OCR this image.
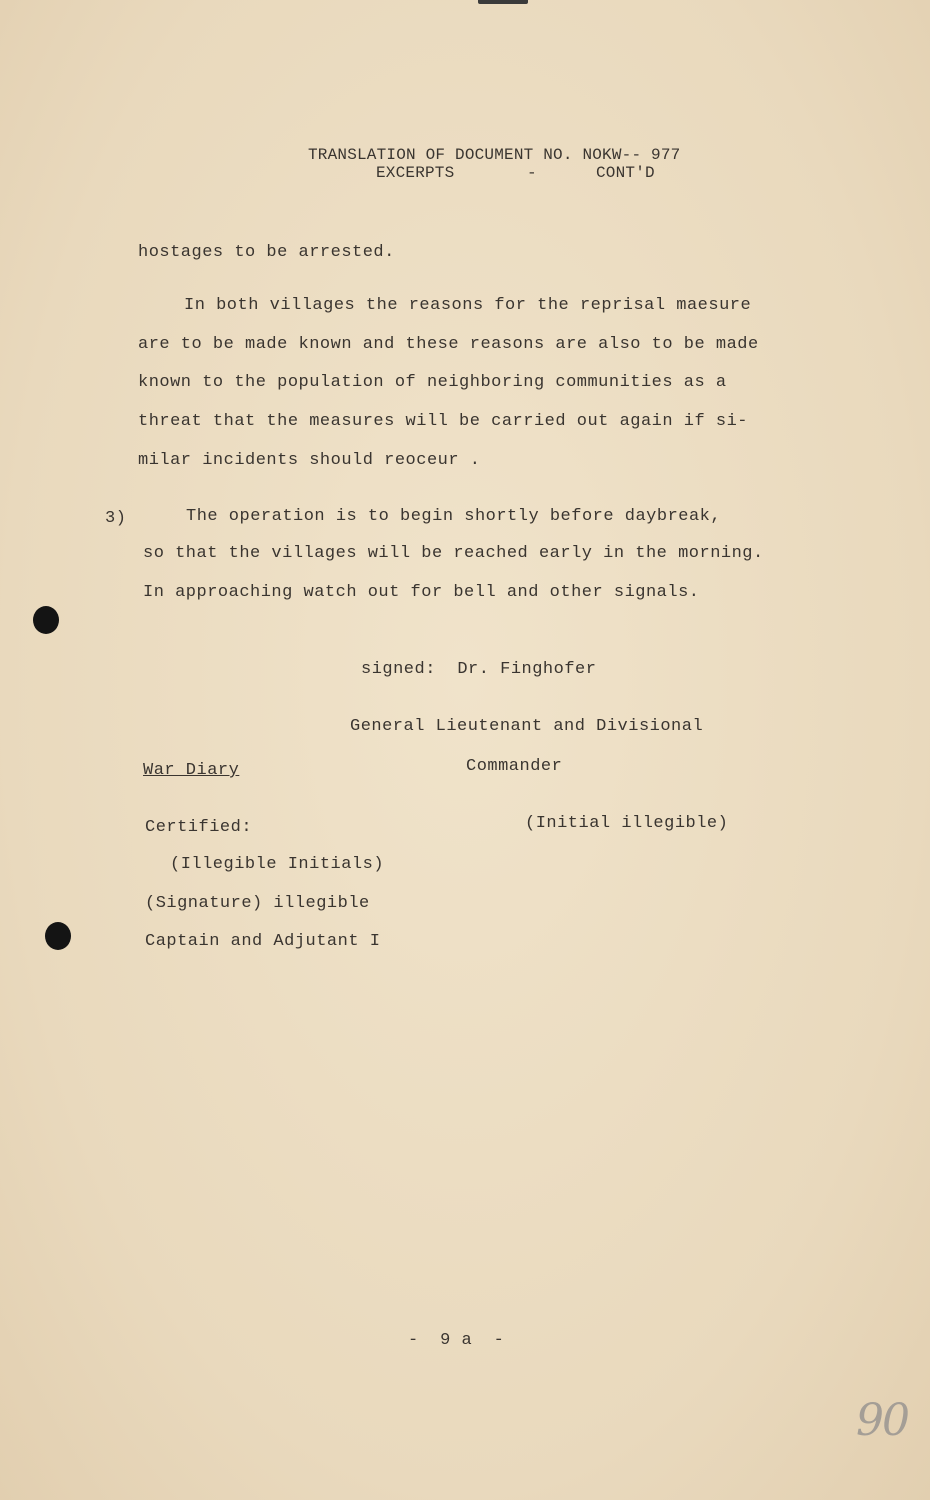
TRANSLATION OF DOCUMENT NO. NOKW-- 977
EXCERPTS	-	CONT'D
hostages to be arrested.
In both villages the reasons for the reprisal maesure
are to be made known and these reasons are also to be made
known to the population of neighboring communities as a
threat that the measures will be carried out again if si-
milar incidents should reoceur .
3)	The operation is to begin shortly before daybreak,
so that the villages will be reached early in the morning.
In approaching watch out for bell and other signals.
signed:  Dr. Finghofer
General Lieutenant and Divisional
War Diary	Commander
Certified:	(Initial illegible)
(Illegible Initials)
(Signature) illegible
Captain and Adjutant I
-  9 a  -
90
